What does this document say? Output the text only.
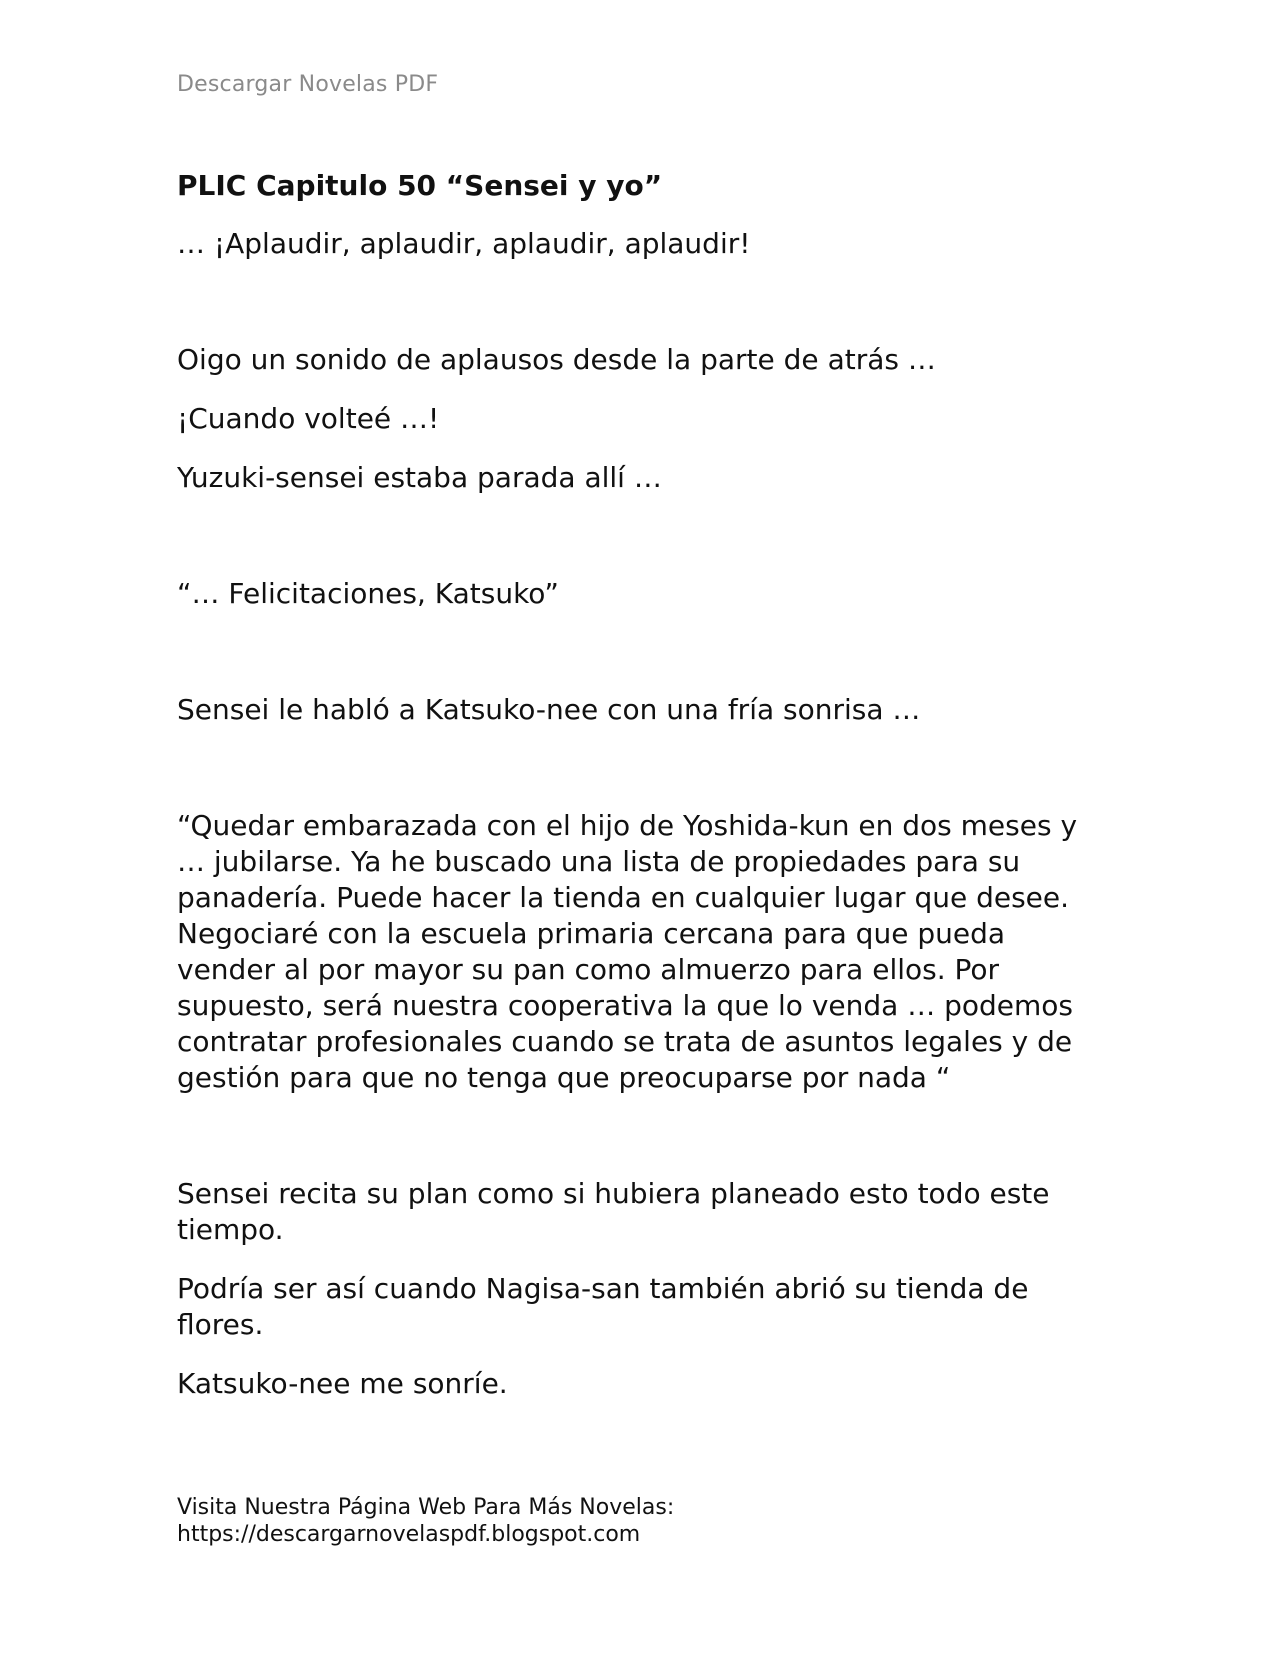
Descargar Novelas PDF
PLIC Capitulo 50 “Sensei y yo”

… ¡Aplaudir, aplaudir, aplaudir, aplaudir!

Oigo un sonido de aplausos desde la parte de atrás …

¡Cuando volteé …!

Yuzuki-sensei estaba parada allí …

“… Felicitaciones, Katsuko”

Sensei le habló a Katsuko-nee con una fría sonrisa …

“Quedar embarazada con el hijo de Yoshida-kun en dos meses y … jubilarse. Ya he buscado una lista de propiedades para su panadería. Puede hacer la tienda en cualquier lugar que desee. Negociaré con la escuela primaria cercana para que pueda vender al por mayor su pan como almuerzo para ellos. Por supuesto, será nuestra cooperativa la que lo venda … podemos contratar profesionales cuando se trata de asuntos legales y de gestión para que no tenga que preocuparse por nada “

Sensei recita su plan como si hubiera planeado esto todo este tiempo.

Podría ser así cuando Nagisa-san también abrió su tienda de flores.

Katsuko-nee me sonríe.

Visita Nuestra Página Web Para Más Novelas:
https://descargarnovelaspdf.blogspot.com
